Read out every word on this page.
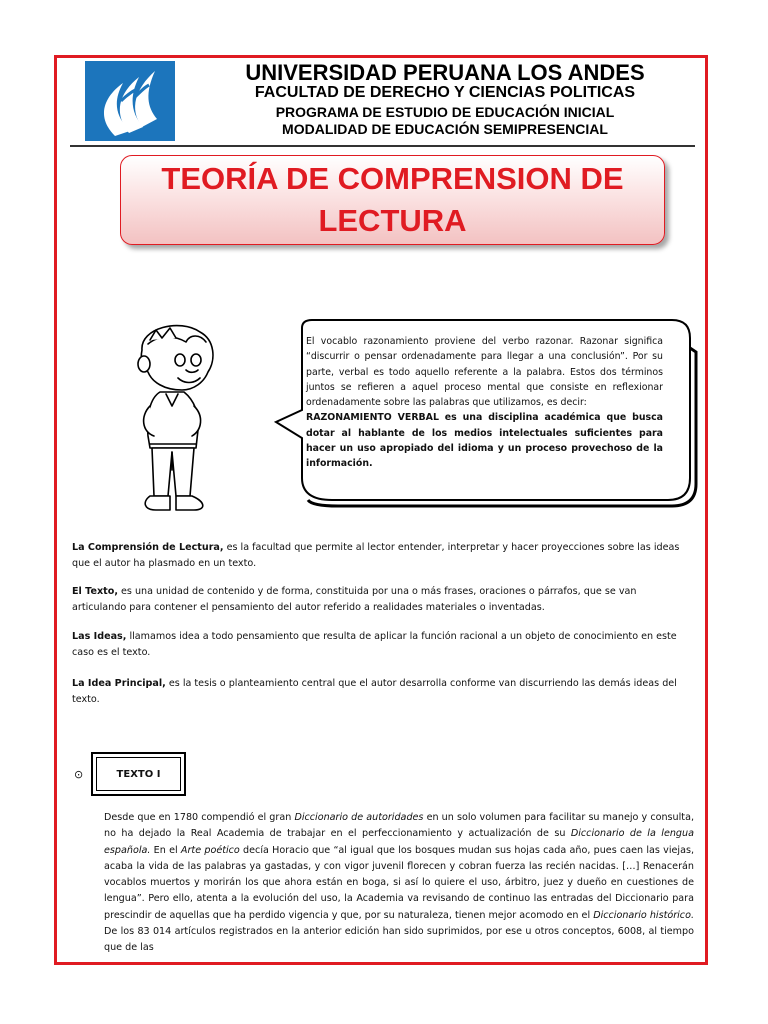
UNIVERSIDAD PERUANA LOS ANDES
FACULTAD DE DERECHO Y CIENCIAS POLITICAS
PROGRAMA DE ESTUDIO DE EDUCACIÓN INICIAL
MODALIDAD DE EDUCACIÓN SEMIPRESENCIAL
TEORÍA DE COMPRENSION DE LECTURA
El vocablo razonamiento proviene del verbo razonar. Razonar significa “discurrir o pensar ordenadamente para llegar a una conclusión”. Por su parte, verbal es todo aquello referente a la palabra. Estos dos términos juntos se refieren a aquel proceso mental que consiste en reflexionar ordenadamente sobre las palabras que utilizamos, es decir:
RAZONAMIENTO VERBAL es una disciplina académica que busca dotar al hablante de los medios intelectuales suficientes para hacer un uso apropiado del idioma y un proceso provechoso de la información.

La Comprensión de Lectura, es la facultad que permite al lector entender, interpretar y hacer proyecciones sobre las ideas que el autor ha plasmado en un texto.

El Texto, es una unidad de contenido y de forma, constituida por una o más frases, oraciones o párrafos, que se van articulando para contener el pensamiento del autor referido a realidades materiales o inventadas.

Las Ideas, llamamos idea a todo pensamiento que resulta de aplicar la función racional a un objeto de conocimiento en este caso es el texto.

La Idea Principal, es la tesis o planteamiento central que el autor desarrolla conforme van discurriendo las demás ideas del texto.

⊙	TEXTO I

Desde que en 1780 compendió el gran Diccionario de autoridades en un solo volumen para facilitar su manejo y consulta, no ha dejado la Real Academia de trabajar en el perfeccionamiento y actualización de su Diccionario de la lengua española. En el Arte poético decía Horacio que “al igual que los bosques mudan sus hojas cada año, pues caen las viejas, acaba la vida de las palabras ya gastadas, y con vigor juvenil florecen y cobran fuerza las recién nacidas. […] Renacerán vocablos muertos y morirán los que ahora están en boga, si así lo quiere el uso, árbitro, juez y dueño en cuestiones de lengua”. Pero ello, atenta a la evolución del uso, la Academia va revisando de continuo las entradas del Diccionario para prescindir de aquellas que ha perdido vigencia y que, por su naturaleza, tienen mejor acomodo en el Diccionario histórico. De los 83 014 artículos registrados en la anterior edición han sido suprimidos, por ese u otros conceptos, 6008, al tiempo que de las
